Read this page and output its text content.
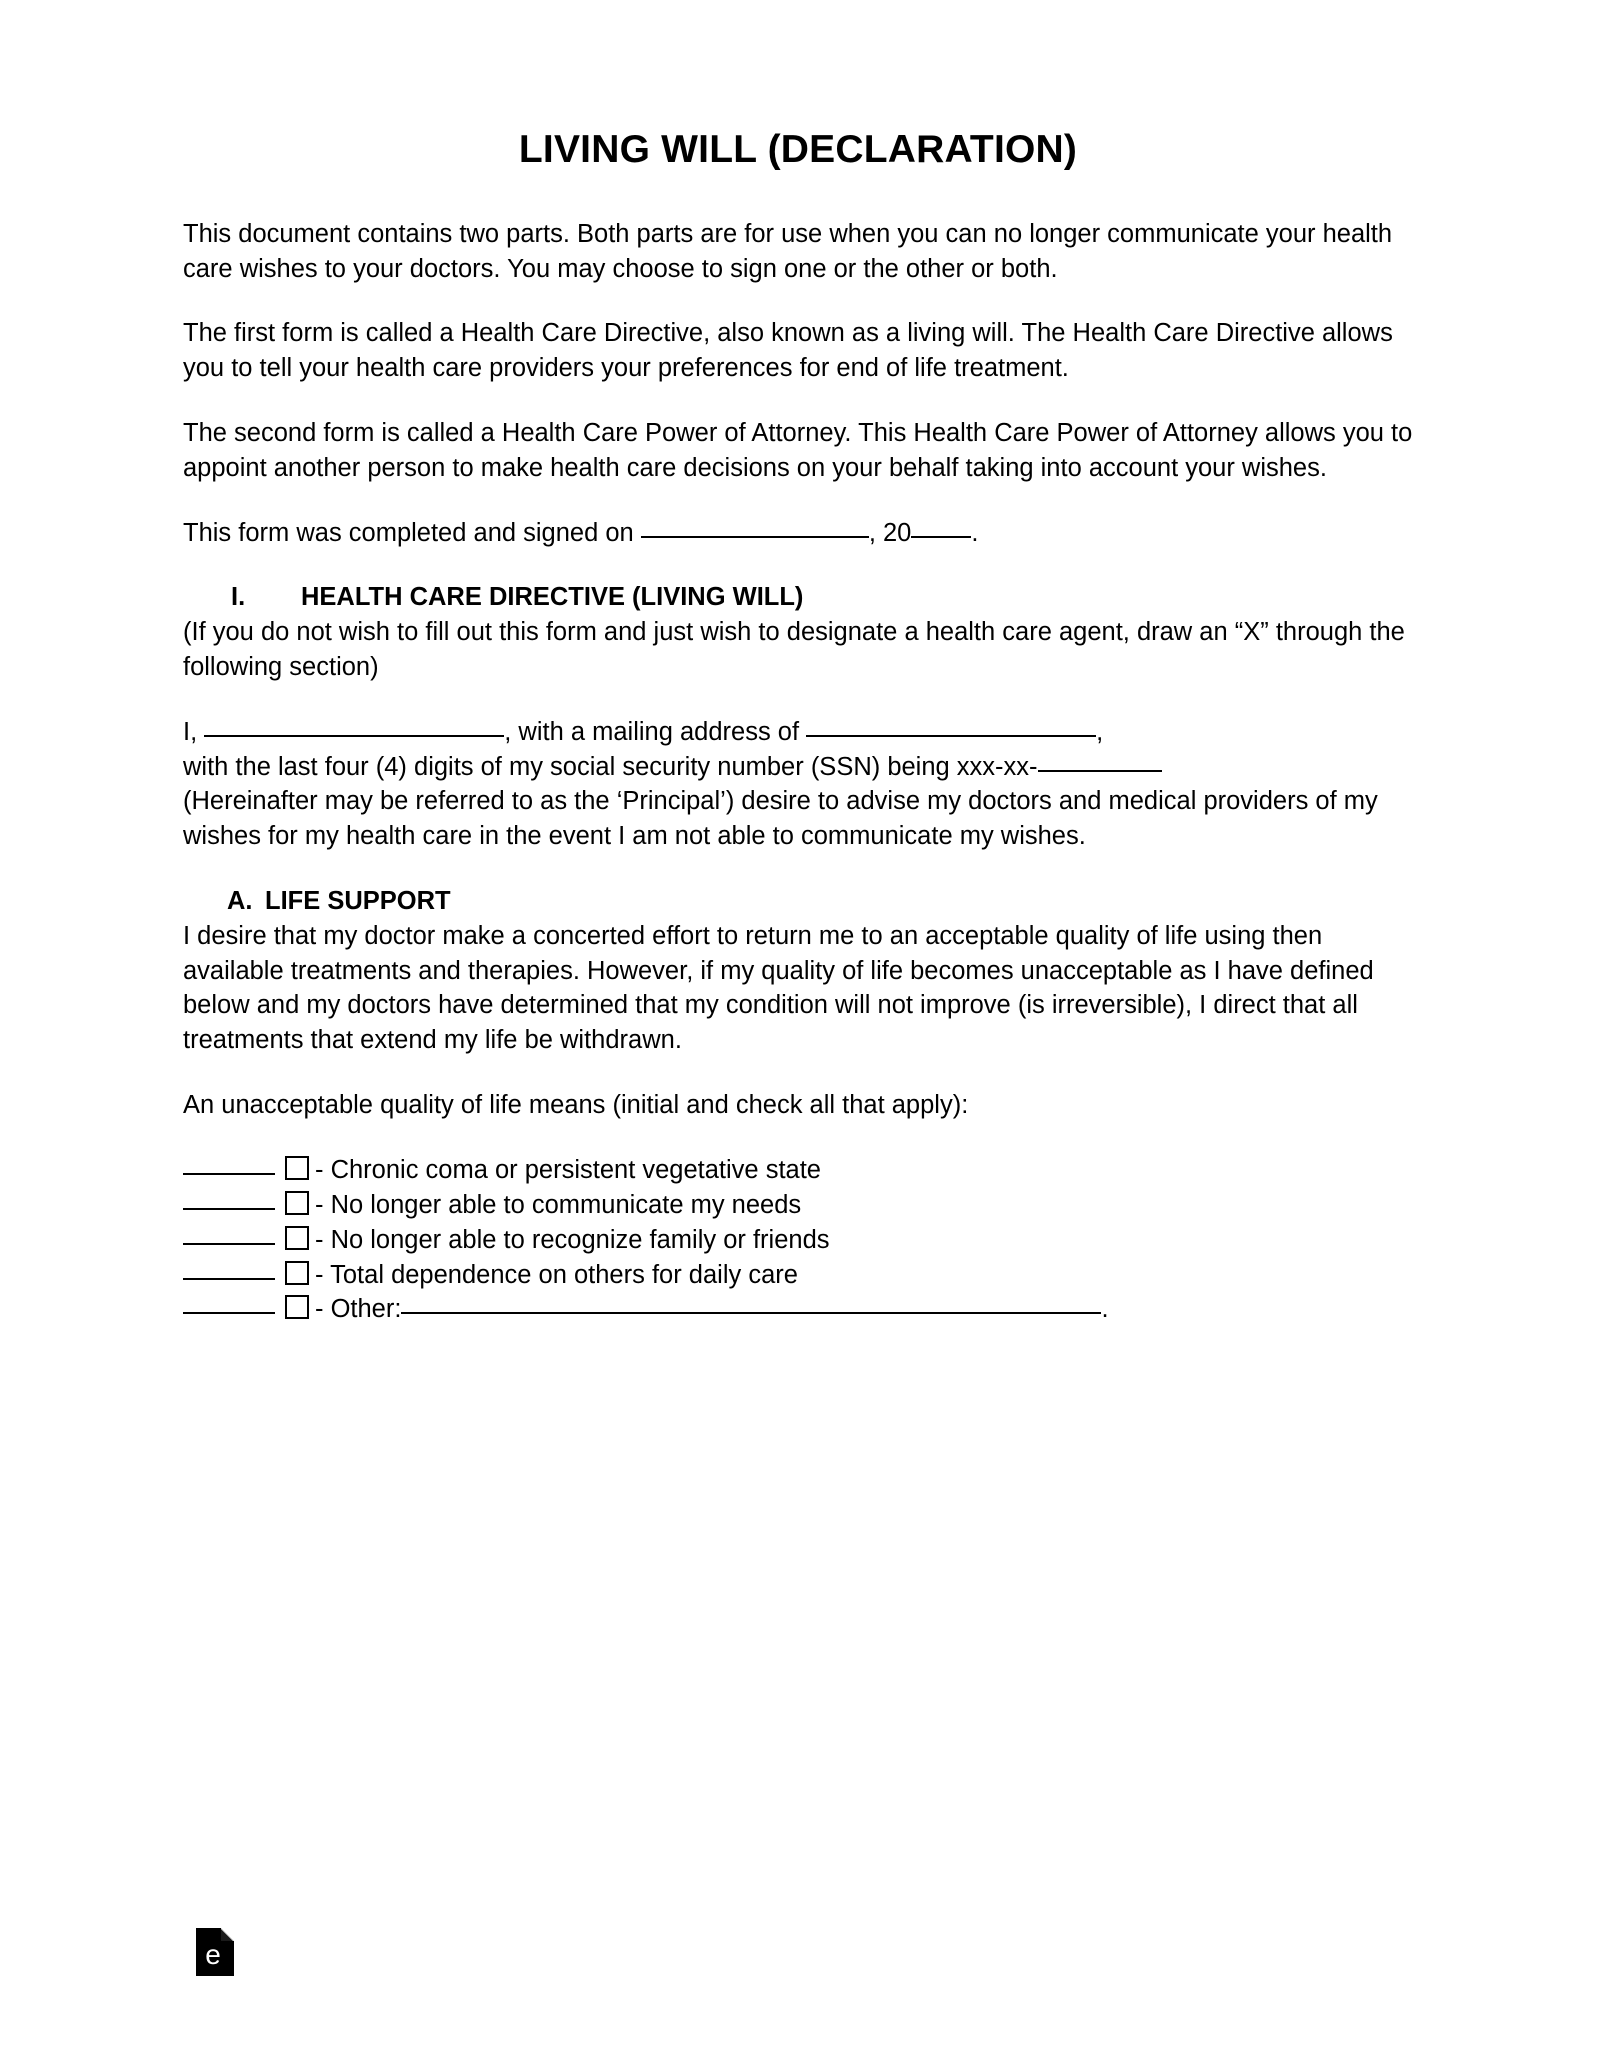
LIVING WILL (DECLARATION)

This document contains two parts. Both parts are for use when you can no longer communicate your health care wishes to your doctors. You may choose to sign one or the other or both.

The first form is called a Health Care Directive, also known as a living will. The Health Care Directive allows you to tell your health care providers your preferences for end of life treatment.

The second form is called a Health Care Power of Attorney. This Health Care Power of Attorney allows you to appoint another person to make health care decisions on your behalf taking into account your wishes.

This form was completed and signed on	, 20 .

I. HEALTH CARE DIRECTIVE (LIVING WILL)

(If you do not wish to fill out this form and just wish to designate a health care agent, draw an “X” through the following section)

I,	, with a mailing address of	,
with the last four (4) digits of my social security number (SSN) being xxx-xx-
(Hereinafter may be referred to as the ‘Principal’) desire to advise my doctors and medical providers of my wishes for my health care in the event I am not able to communicate my wishes.

A. LIFE SUPPORT

I desire that my doctor make a concerted effort to return me to an acceptable quality of life using then available treatments and therapies. However, if my quality of life becomes unacceptable as I have defined below and my doctors have determined that my condition will not improve (is irreversible), I direct that all treatments that extend my life be withdrawn.

An unacceptable quality of life means (initial and check all that apply):

- Chronic coma or persistent vegetative state
- No longer able to communicate my needs
- No longer able to recognize family or friends
- Total dependence on others for daily care
- Other:	.
e
